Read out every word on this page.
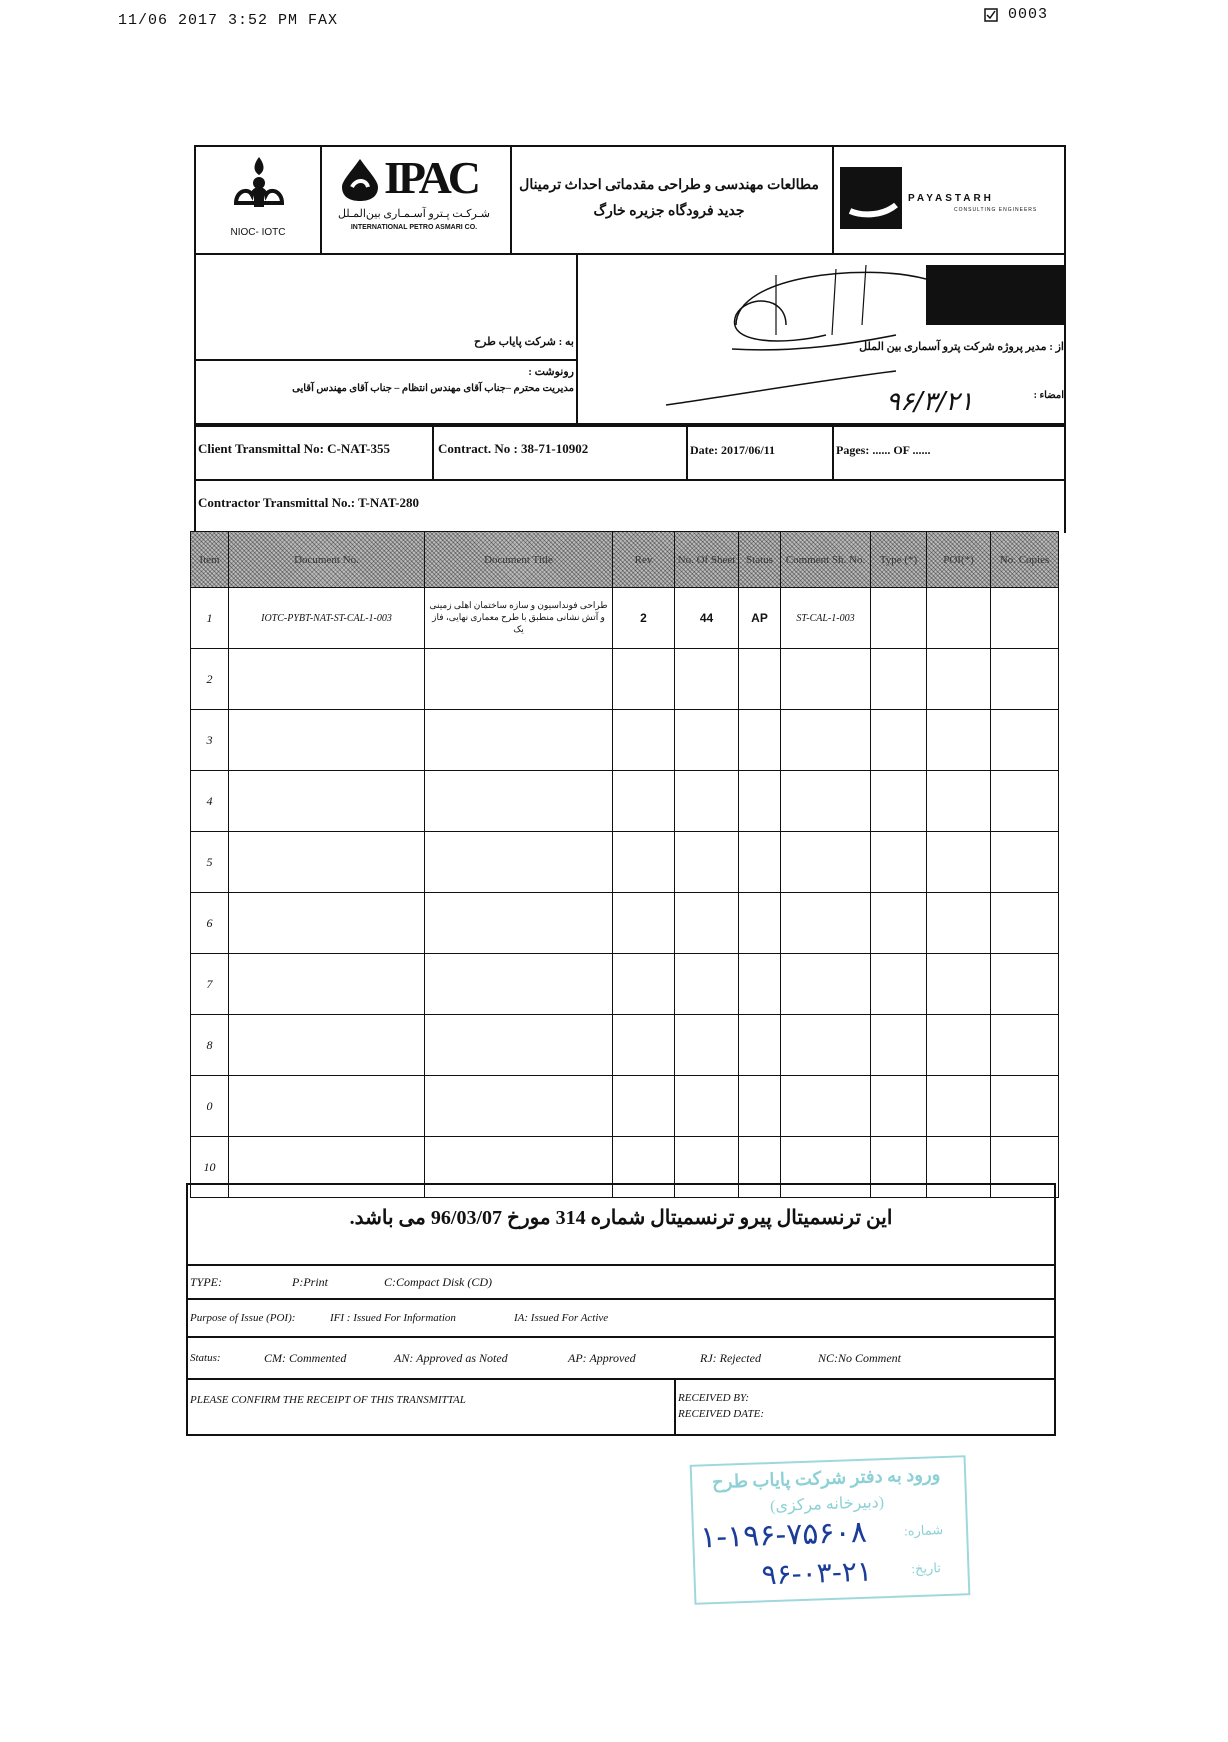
11/06 2017 3:52 PM FAX	0003
NIOC- IOTC
IPAC
شـرکـت پـترو آسـمـاری بین‌المـلل
INTERNATIONAL PETRO ASMARI CO.
مطالعات مهندسی و طراحی مقدماتی احداث ترمینال
جدید فرودگاه جزیره خارگ
PAYASTARH
CONSULTING ENGINEERS
به : شرکت پایاب طرح
رونوشت :
مدیریت محترم –جناب آقای مهندس انتظام – جناب آقای مهندس آقایی
از : مدیر پروژه شرکت پترو آسماری بین الملل
امضاء :
۹۶/۳/۲۱
Client Transmittal No: C-NAT-355	Contract. No : 38-71-10902	Date: 2017/06/11	Pages: ...... OF ......
Contractor Transmittal No.: T-NAT-280
Item	Document No.	Document Title	Rev	No. Of Sheet	Status	Comment Sh. No.	Type (*)	POI(*)	No. Copies
1	IOTC-PYBT-NAT-ST-CAL-1-003	طراحی فونداسیون و سازه ساختمان اهلی زمینی و آتش نشانی منطبق با طرح معماری نهایی، فاز یک	2	44	AP	ST-CAL-1-003			
2									
3									
4									
5									
6									
7									
8									
0									
10									
این ترنسمیتال پیرو ترنسمیتال شماره 314 مورخ 96/03/07 می باشد.
TYPE:	P:Print	C:Compact Disk (CD)
Purpose of Issue (POI):	IFI : Issued For Information	IA: Issued For Active
Status:	CM: Commented	AN: Approved as Noted	AP: Approved	RJ: Rejected	NC:No Comment
PLEASE CONFIRM THE RECEIPT OF THIS TRANSMITTAL	RECEIVED BY:
RECEIVED DATE:
ورود به دفتر شرکت پایاب طرح
(دبیرخانه مرکزی)
شماره:
۱-۱۹۶-۷۵۶۰۸
تاریخ:
۹۶-۰۳-۲۱
